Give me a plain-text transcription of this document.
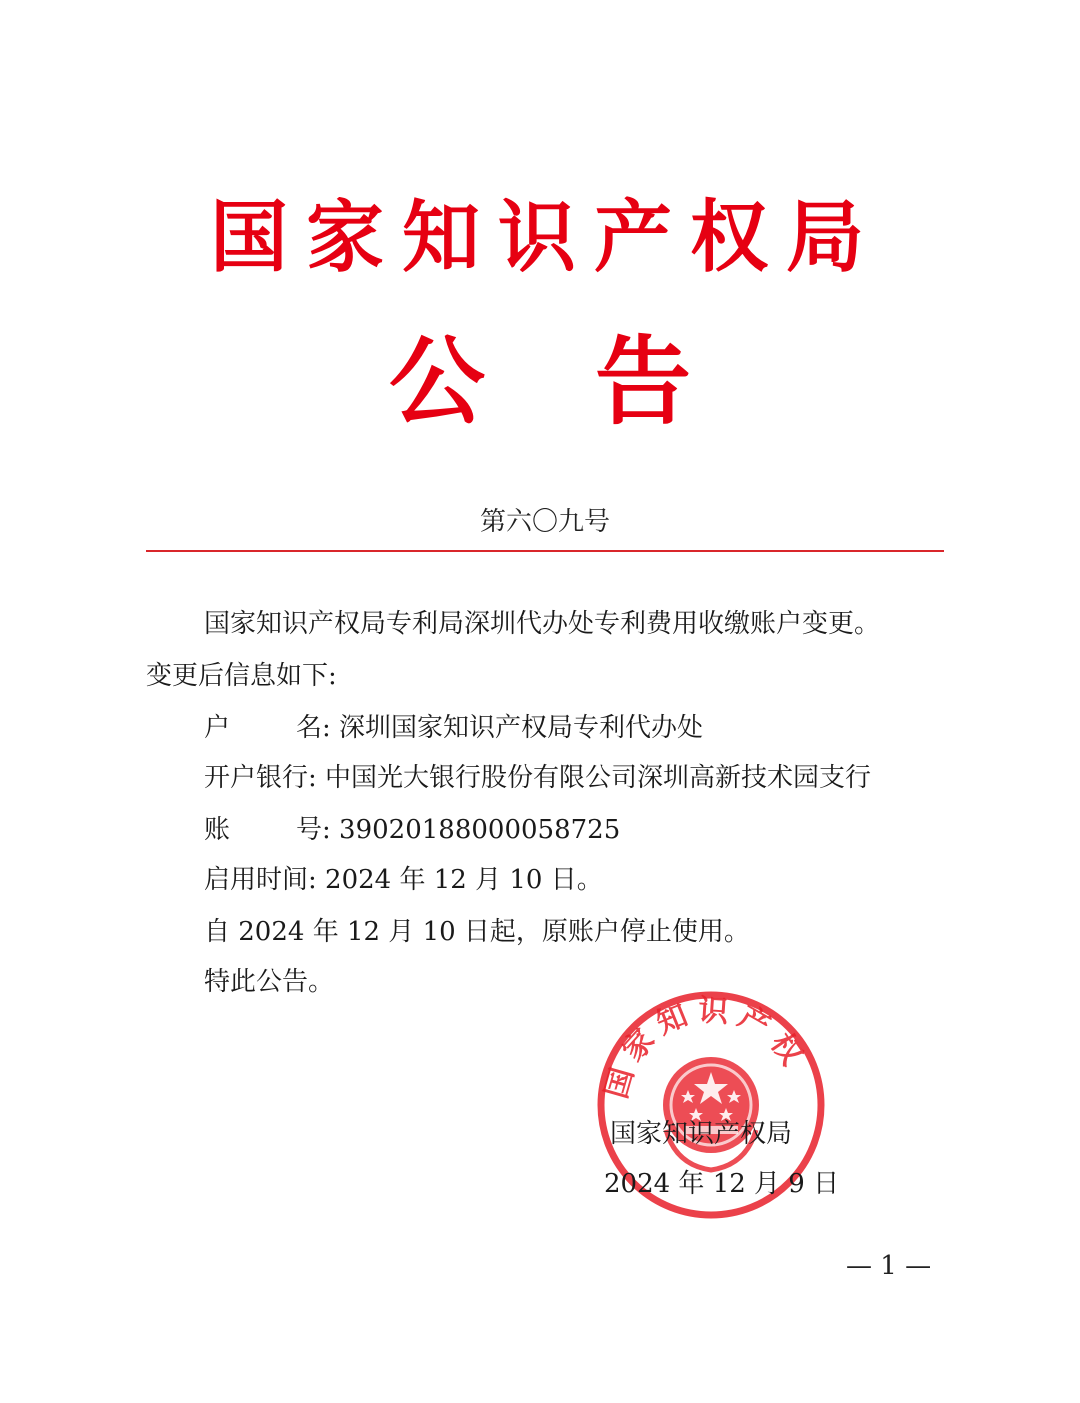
国家知识产权局
公 告
第六〇九号
国家知识产权局专利局深圳代办处专利费用收缴账户变更。
变更后信息如下:
户名: 深圳国家知识产权局专利代办处
开户银行: 中国光大银行股份有限公司深圳高新技术园支行
账号: 39020188000058725
启用时间: 2024 年 12 月 10 日。
自 2024 年 12 月 10 日起，原账户停止使用。
特此公告。
国家知识产权
国家知识产权局
2024 年 12 月 9 日
— 1 —
